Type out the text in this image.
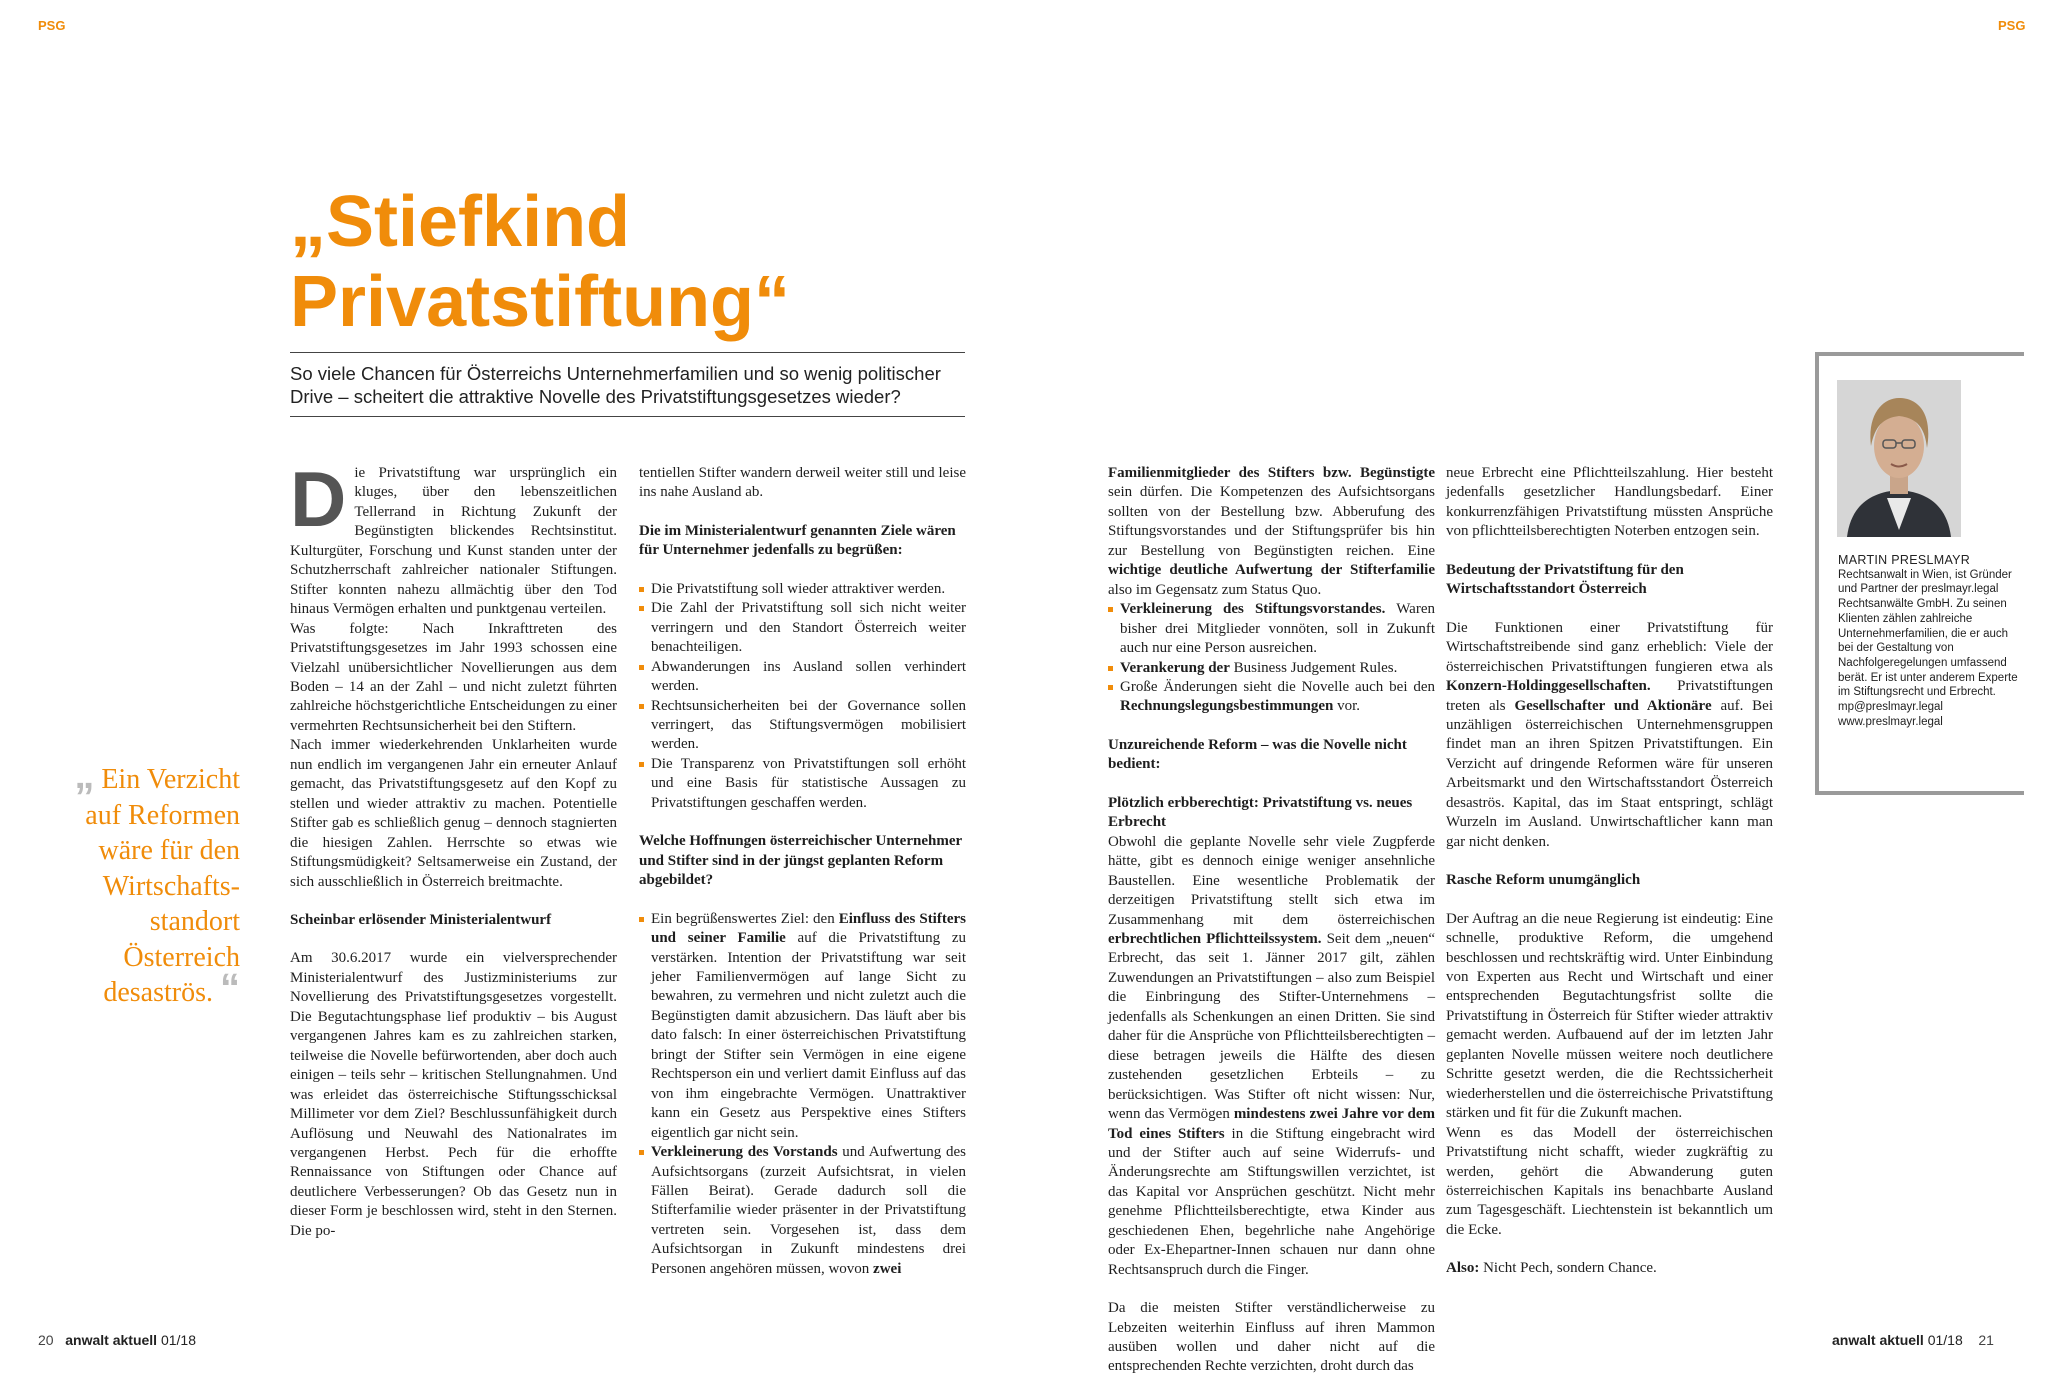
PSG	PSG
„Stiefkind
Privatstiftung“
So viele Chancen für Österreichs Unternehmerfamilien und so wenig politischer Drive – scheitert die attraktive Novelle des Privatstiftungsgesetzes wieder?
„ Ein Verzicht auf Reformen wäre für den Wirtschafts-standort Österreich desaströs. “

Die Privatstiftung war ursprünglich ein kluges, über den lebenszeitlichen Tellerrand in Richtung Zukunft der Begünstigten blickendes Rechtsinstitut. Kulturgüter, Forschung und Kunst standen unter der Schutzherrschaft zahlreicher nationaler Stiftungen. Stifter konnten nahezu allmächtig über den Tod hinaus Vermögen erhalten und punktgenau verteilen.

Was folgte: Nach Inkrafttreten des Privatstiftungsgesetzes im Jahr 1993 schossen eine Vielzahl unübersichtlicher Novellierungen aus dem Boden – 14 an der Zahl – und nicht zuletzt führten zahlreiche höchstgerichtliche Entscheidungen zu einer vermehrten Rechtsunsicherheit bei den Stiftern.

Nach immer wiederkehrenden Unklarheiten wurde nun endlich im vergangenen Jahr ein erneuter Anlauf gemacht, das Privatstiftungsgesetz auf den Kopf zu stellen und wieder attraktiv zu machen. Potentielle Stifter gab es schließlich genug – dennoch stagnierten die hiesigen Zahlen. Herrschte so etwas wie Stiftungsmüdigkeit? Seltsamerweise ein Zustand, der sich ausschließlich in Österreich breitmachte.

Scheinbar erlösender Ministerialentwurf

Am 30.6.2017 wurde ein vielversprechender Ministerialentwurf des Justizministeriums zur Novellierung des Privatstiftungsgesetzes vorgestellt. Die Begutachtungsphase lief produktiv – bis August vergangenen Jahres kam es zu zahlreichen starken, teilweise die Novelle befürwortenden, aber doch auch einigen – teils sehr – kritischen Stellungnahmen. Und was erleidet das österreichische Stiftungsschicksal Millimeter vor dem Ziel? Beschlussunfähigkeit durch Auflösung und Neuwahl des Nationalrates im vergangenen Herbst. Pech für die erhoffte Rennaissance von Stiftungen oder Chance auf deutlichere Verbesserungen? Ob das Gesetz nun in dieser Form je beschlossen wird, steht in den Sternen. Die po-

tentiellen Stifter wandern derweil weiter still und leise ins nahe Ausland ab.

Die im Ministerialentwurf genannten Ziele wären für Unternehmer jedenfalls zu begrüßen:
Die Privatstiftung soll wieder attraktiver werden.
Die Zahl der Privatstiftung soll sich nicht weiter verringern und den Standort Österreich weiter benachteiligen.
Abwanderungen ins Ausland sollen verhindert werden.
Rechtsunsicherheiten bei der Governance sollen verringert, das Stiftungsvermögen mobilisiert werden.
Die Transparenz von Privatstiftungen soll erhöht und eine Basis für statistische Aussagen zu Privatstiftungen geschaffen werden.
Welche Hoffnungen österreichischer Unternehmer und Stifter sind in der jüngst geplanten Reform abgebildet?
Ein begrüßenswertes Ziel: den Einfluss des Stifters und seiner Familie auf die Privatstiftung zu verstärken. Intention der Privatstiftung war seit jeher Familienvermögen auf lange Sicht zu bewahren, zu vermehren und nicht zuletzt auch die Begünstigten damit abzusichern. Das läuft aber bis dato falsch: In einer österreichischen Privatstiftung bringt der Stifter sein Vermögen in eine eigene Rechtsperson ein und verliert damit Einfluss auf das von ihm eingebrachte Vermögen. Unattraktiver kann ein Gesetz aus Perspektive eines Stifters eigentlich gar nicht sein.
Verkleinerung des Vorstands und Aufwertung des Aufsichtsorgans (zurzeit Aufsichtsrat, in vielen Fällen Beirat). Gerade dadurch soll die Stifterfamilie wieder präsenter in der Privatstiftung vertreten sein. Vorgesehen ist, dass dem Aufsichtsorgan in Zukunft mindestens drei Personen angehören müssen, wovon zwei

Familienmitglieder des Stifters bzw. Begünstigte sein dürfen. Die Kompetenzen des Aufsichtsorgans sollten von der Bestellung bzw. Abberufung des Stiftungsvorstandes und der Stiftungsprüfer bis hin zur Bestellung von Begünstigten reichen. Eine wichtige deutliche Aufwertung der Stifterfamilie also im Gegensatz zum Status Quo.

Verkleinerung des Stiftungsvorstandes. Waren bisher drei Mitglieder vonnöten, soll in Zukunft auch nur eine Person ausreichen.
Verankerung der Business Judgement Rules.
Große Änderungen sieht die Novelle auch bei den Rechnungslegungsbestimmungen vor.
Unzureichende Reform – was die Novelle nicht bedient:
Plötzlich erbberechtigt: Privatstiftung vs. neues Erbrecht

Obwohl die geplante Novelle sehr viele Zugpferde hätte, gibt es dennoch einige weniger ansehnliche Baustellen. Eine wesentliche Problematik der derzeitigen Privatstiftung stellt sich etwa im Zusammenhang mit dem österreichischen erbrechtlichen Pflichtteilssystem. Seit dem „neuen“ Erbrecht, das seit 1. Jänner 2017 gilt, zählen Zuwendungen an Privatstiftungen – also zum Beispiel die Einbringung des Stifter-Unternehmens – jedenfalls als Schenkungen an einen Dritten. Sie sind daher für die Ansprüche von Pflichtteilsberechtigten – diese betragen jeweils die Hälfte des diesen zustehenden gesetzlichen Erbteils – zu berücksichtigen. Was Stifter oft nicht wissen: Nur, wenn das Vermögen mindestens zwei Jahre vor dem Tod eines Stifters in die Stiftung eingebracht wird und der Stifter auch auf seine Widerrufs- und Änderungsrechte am Stiftungswillen verzichtet, ist das Kapital vor Ansprüchen geschützt. Nicht mehr genehme Pflichtteilsberechtigte, etwa Kinder aus geschiedenen Ehen, begehrliche nahe Angehörige oder Ex-Ehepartner-Innen schauen nur dann ohne Rechtsanspruch durch die Finger.

Da die meisten Stifter verständlicherweise zu Lebzeiten weiterhin Einfluss auf ihren Mammon ausüben wollen und daher nicht auf die entsprechenden Rechte verzichten, droht durch das

neue Erbrecht eine Pflichtteilszahlung. Hier besteht jedenfalls gesetzlicher Handlungsbedarf. Einer konkurrenzfähigen Privatstiftung müssten Ansprüche von pflichtteilsberechtigten Noterben entzogen sein.

Bedeutung der Privatstiftung für den Wirtschaftsstandort Österreich

Die Funktionen einer Privatstiftung für Wirtschaftstreibende sind ganz erheblich: Viele der österreichischen Privatstiftungen fungieren etwa als Konzern-Holdinggesellschaften. Privatstiftungen treten als Gesellschafter und Aktionäre auf. Bei unzähligen österreichischen Unternehmensgruppen findet man an ihren Spitzen Privatstiftungen. Ein Verzicht auf dringende Reformen wäre für unseren Arbeitsmarkt und den Wirtschaftsstandort Österreich desaströs. Kapital, das im Staat entspringt, schlägt Wurzeln im Ausland. Unwirtschaftlicher kann man gar nicht denken.

Rasche Reform unumgänglich

Der Auftrag an die neue Regierung ist eindeutig: Eine schnelle, produktive Reform, die umgehend beschlossen und rechtskräftig wird. Unter Einbindung von Experten aus Recht und Wirtschaft und einer entsprechenden Begutachtungsfrist sollte die Privatstiftung in Österreich für Stifter wieder attraktiv gemacht werden. Aufbauend auf der im letzten Jahr geplanten Novelle müssen weitere noch deutlichere Schritte gesetzt werden, die die Rechtssicherheit wiederherstellen und die österreichische Privatstiftung stärken und fit für die Zukunft machen.

Wenn es das Modell der österreichischen Privatstiftung nicht schafft, wieder zugkräftig zu werden, gehört die Abwanderung guten österreichischen Kapitals ins benachbarte Ausland zum Tagesgeschäft. Liechtenstein ist bekanntlich um die Ecke.

Also: Nicht Pech, sondern Chance.

MARTIN PRESLMAYR
Rechtsanwalt in Wien, ist Gründer und Partner der preslmayr.legal Rechtsanwälte GmbH. Zu seinen Klienten zählen zahlreiche Unternehmerfamilien, die er auch bei der Gestaltung von Nachfolgeregelungen umfassend berät. Er ist unter anderem Experte im Stiftungsrecht und Erbrecht.
mp@preslmayr.legal
www.preslmayr.legal
20 anwalt aktuell 01/18	anwalt aktuell 01/18 21
